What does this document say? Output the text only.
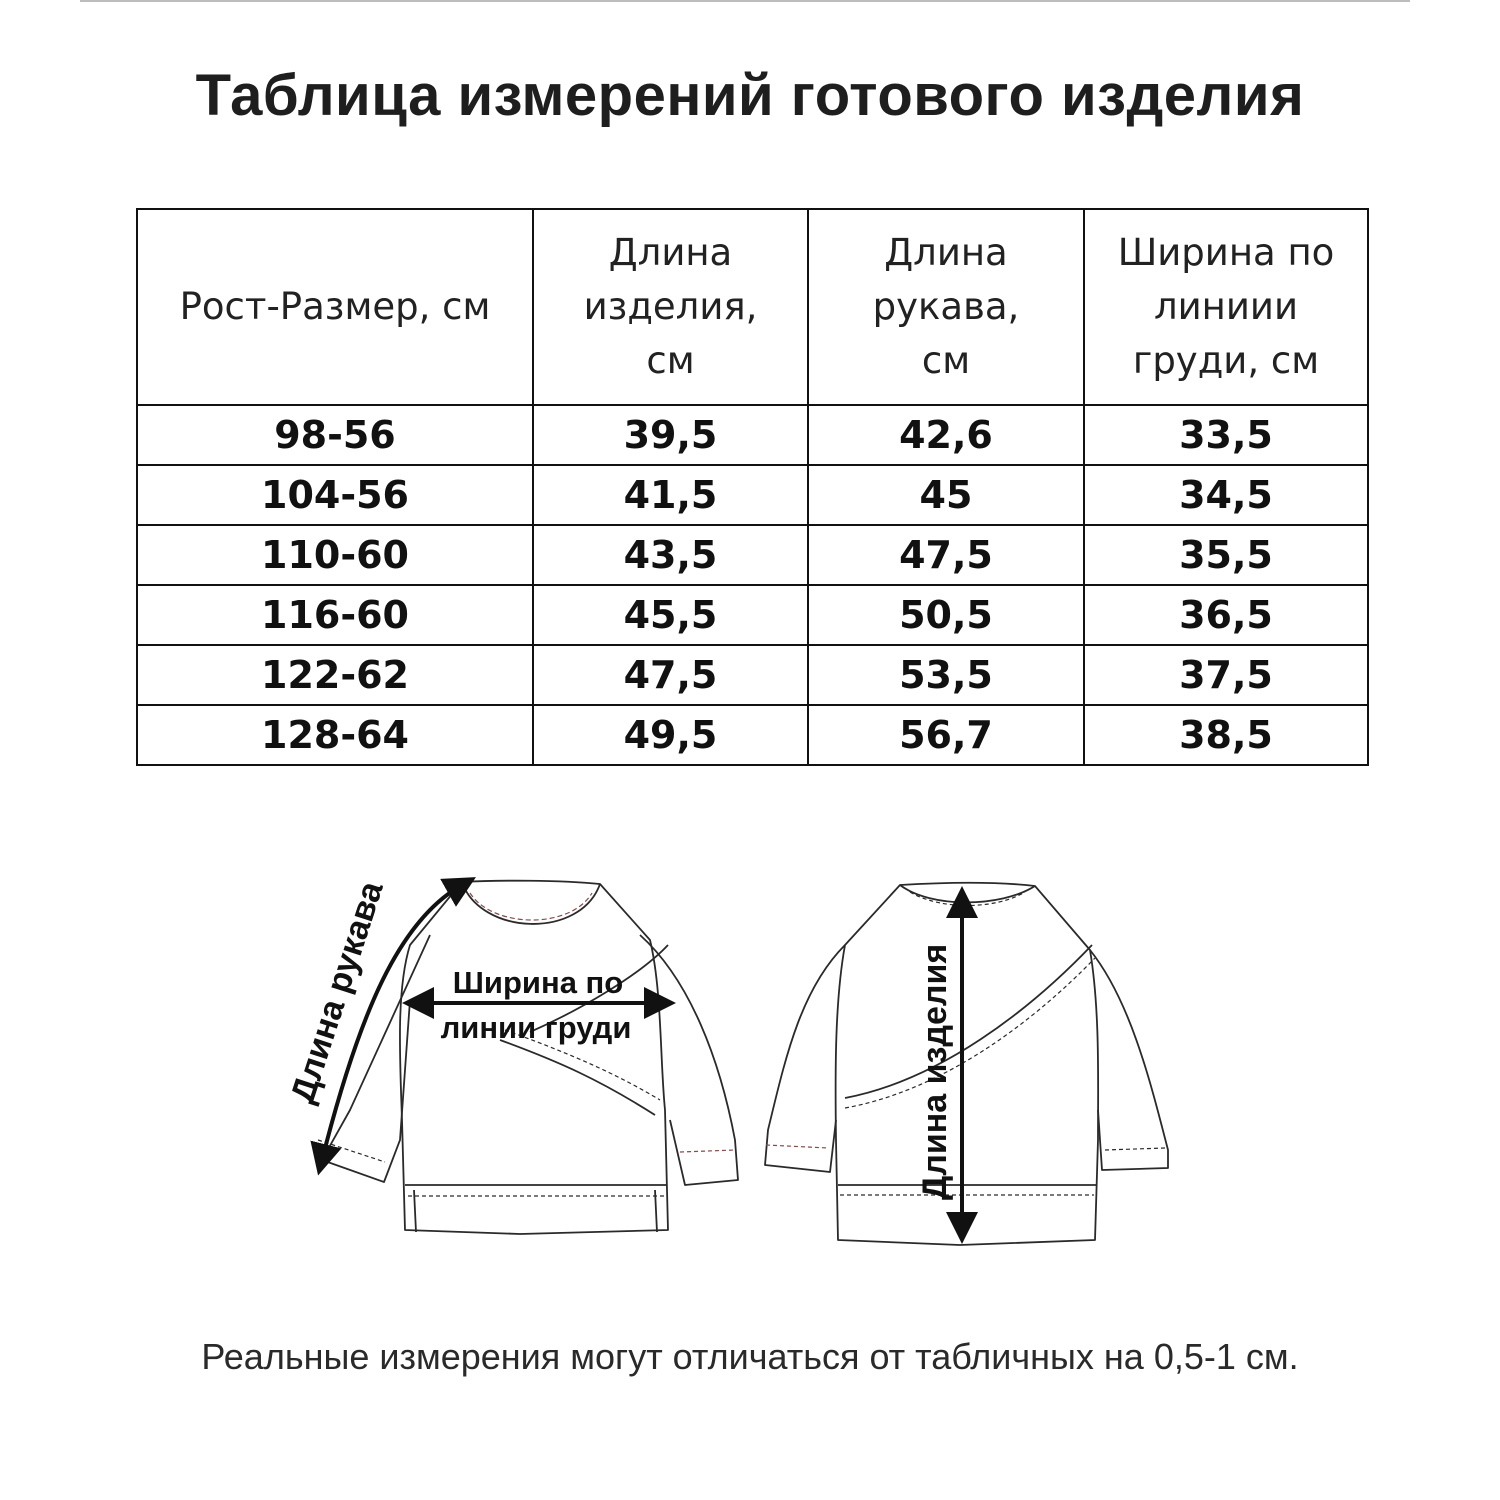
Таблица измерений готового изделия
Рост-Размер, см	Длина изделия, см	Длина рукава, см	Ширина по линиии груди, см

98-56	39,5	42,6	33,5
104-56	41,5	45	34,5
110-60	43,5	47,5	35,5
116-60	45,5	50,5	36,5
122-62	47,5	53,5	37,5
128-64	49,5	56,7	38,5
Длина рукава Ширина по
линии груди	Длина изделия
Реальные измерения могут отличаться от табличных на 0,5-1 см.
